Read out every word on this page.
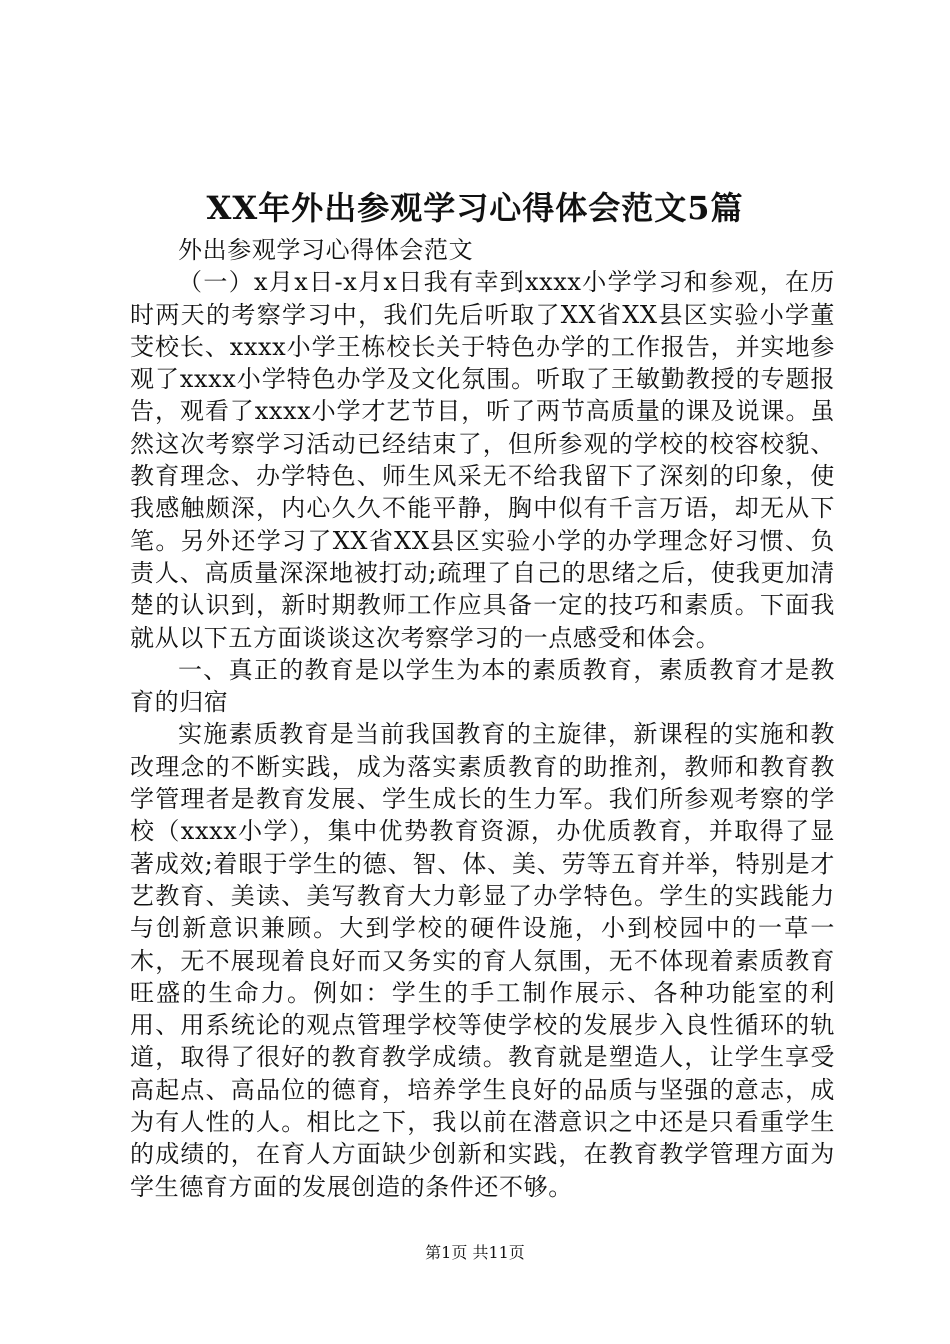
XX年外出参观学习心得体会范文5篇

外出参观学习心得体会范文

（一）x月x日-x月x日我有幸到xxxx小学学习和参观，在历时两天的考察学习中，我们先后听取了XX省XX县区实验小学董芠校长、xxxx小学王栋校长关于特色办学的工作报告，并实地参观了xxxx小学特色办学及文化氛围。听取了王敏勤教授的专题报告，观看了xxxx小学才艺节目，听了两节高质量的课及说课。虽然这次考察学习活动已经结束了，但所参观的学校的校容校貌、教育理念、办学特色、师生风采无不给我留下了深刻的印象，使我感触颇深，内心久久不能平静，胸中似有千言万语，却无从下笔。另外还学习了XX省XX县区实验小学的办学理念好习惯、负责人、高质量深深地被打动;疏理了自己的思绪之后，使我更加清楚的认识到，新时期教师工作应具备一定的技巧和素质。下面我就从以下五方面谈谈这次考察学习的一点感受和体会。

一、真正的教育是以学生为本的素质教育，素质教育才是教育的归宿

实施素质教育是当前我国教育的主旋律，新课程的实施和教改理念的不断实践，成为落实素质教育的助推剂，教师和教育教学管理者是教育发展、学生成长的生力军。我们所参观考察的学校（xxxx小学），集中优势教育资源，办优质教育，并取得了显著成效;着眼于学生的德、智、体、美、劳等五育并举，特别是才艺教育、美读、美写教育大力彰显了办学特色。学生的实践能力与创新意识兼顾。大到学校的硬件设施，小到校园中的一草一木，无不展现着良好而又务实的育人氛围，无不体现着素质教育旺盛的生命力。例如：学生的手工制作展示、各种功能室的利用、用系统论的观点管理学校等使学校的发展步入良性循环的轨道，取得了很好的教育教学成绩。教育就是塑造人，让学生享受高起点、高品位的德育，培养学生良好的品质与坚强的意志，成为有人性的人。相比之下，我以前在潜意识之中还是只看重学生的成绩的，在育人方面缺少创新和实践，在教育教学管理方面为学生德育方面的发展创造的条件还不够。

第1页 共11页
